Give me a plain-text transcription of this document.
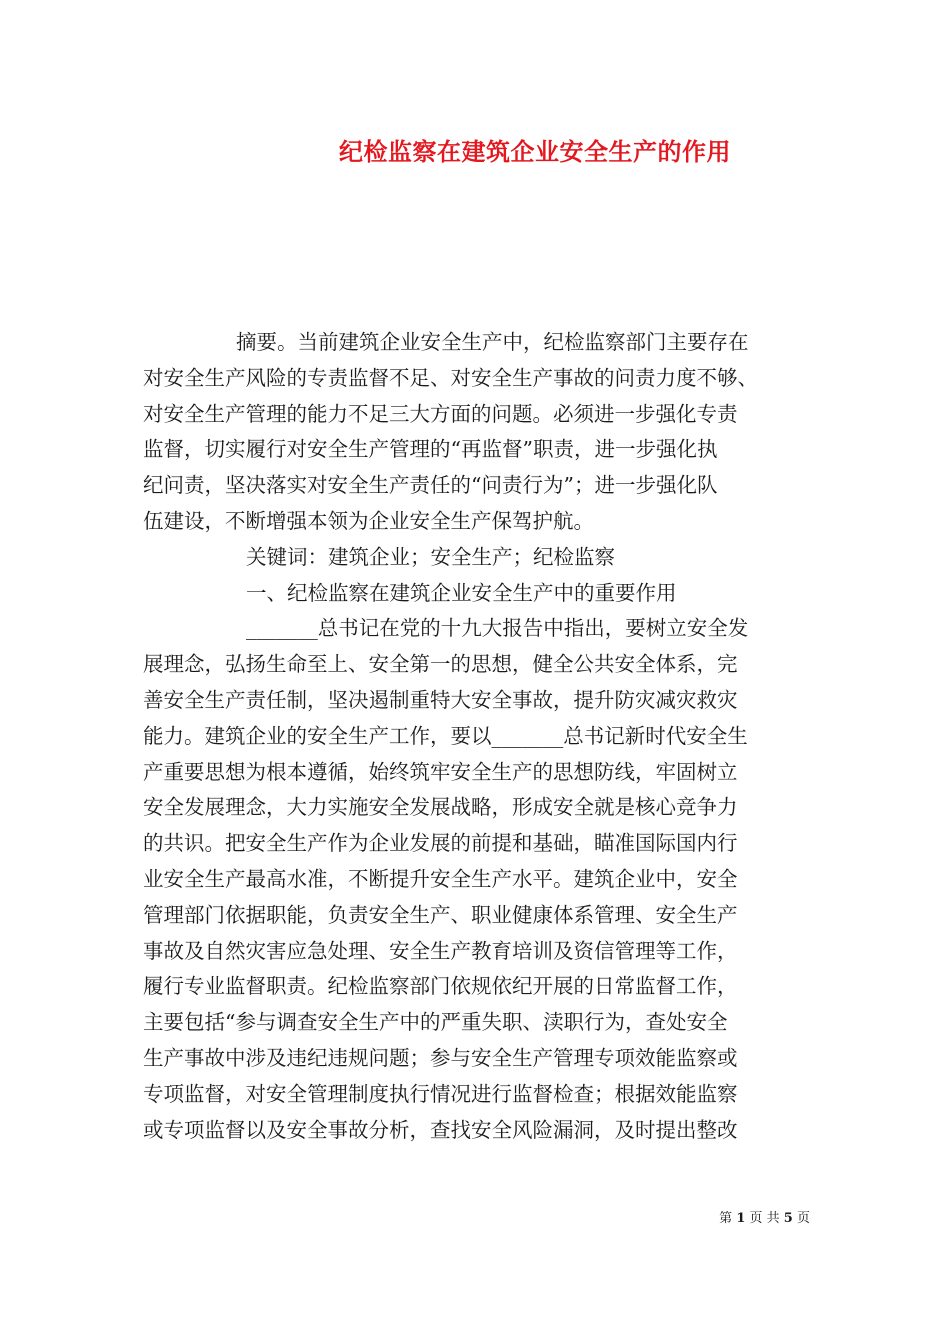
纪检监察在建筑企业安全生产的作用
摘要。当前建筑企业安全生产中，纪检监察部门主要存在
对安全生产风险的专责监督不足、对安全生产事故的问责力度不够、
对安全生产管理的能力不足三大方面的问题。必须进一步强化专责
监督，切实履行对安全生产管理的“再监督”职责，进一步强化执
纪问责，坚决落实对安全生产责任的“问责行为”；进一步强化队
伍建设，不断增强本领为企业安全生产保驾护航。
关键词：建筑企业；安全生产；纪检监察
一、纪检监察在建筑企业安全生产中的重要作用
_______总书记在党的十九大报告中指出，要树立安全发
展理念，弘扬生命至上、安全第一的思想，健全公共安全体系，完
善安全生产责任制，坚决遏制重特大安全事故，提升防灾减灾救灾
能力。建筑企业的安全生产工作，要以_______总书记新时代安全生
产重要思想为根本遵循，始终筑牢安全生产的思想防线，牢固树立
安全发展理念，大力实施安全发展战略，形成安全就是核心竞争力
的共识。把安全生产作为企业发展的前提和基础，瞄准国际国内行
业安全生产最高水准，不断提升安全生产水平。建筑企业中，安全
管理部门依据职能，负责安全生产、职业健康体系管理、安全生产
事故及自然灾害应急处理、安全生产教育培训及资信管理等工作，
履行专业监督职责。纪检监察部门依规依纪开展的日常监督工作，
主要包括“参与调查安全生产中的严重失职、渎职行为，查处安全
生产事故中涉及违纪违规问题；参与安全生产管理专项效能监察或
专项监督，对安全管理制度执行情况进行监督检查；根据效能监察
或专项监督以及安全事故分析，查找安全风险漏洞，及时提出整改
第 1 页 共 5 页
